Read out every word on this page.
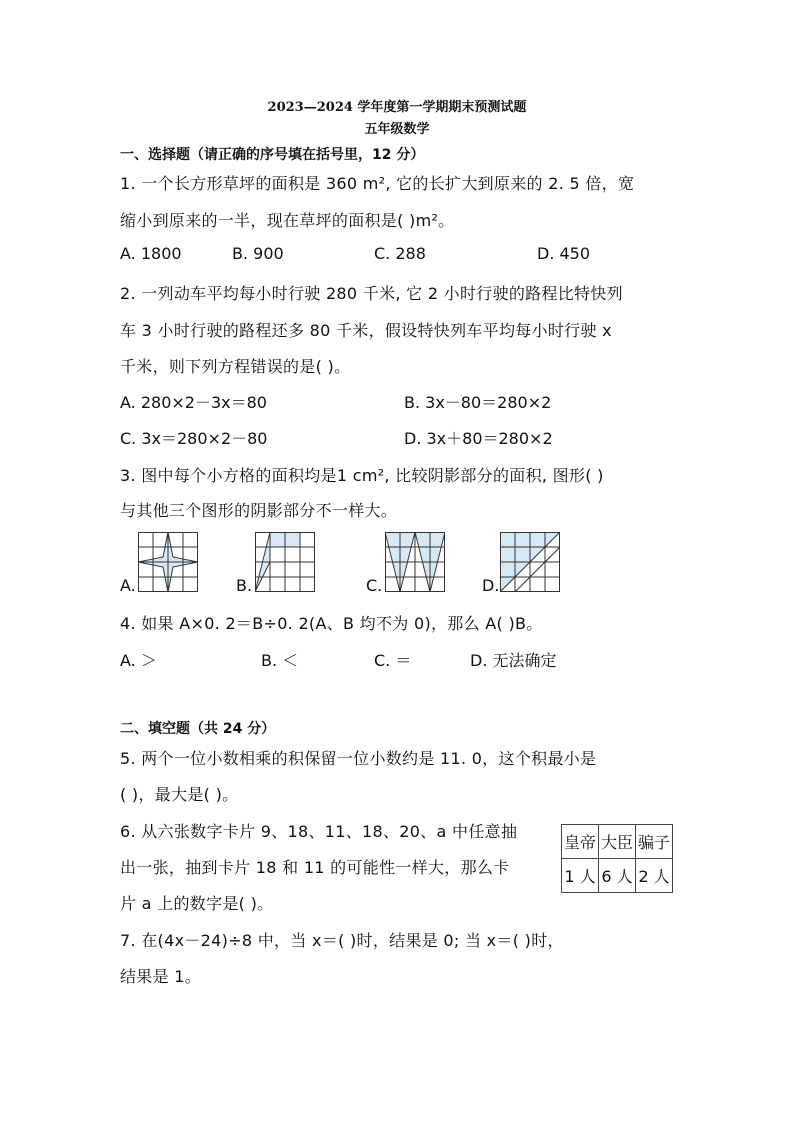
2023—2024 学年度第一学期期末预测试题
五年级数学
一、选择题（请正确的序号填在括号里，12 分）
1. 一个长方形草坪的面积是 360 m², 它的长扩大到原来的 2. 5 倍，宽
缩小到原来的一半，现在草坪的面积是( )m²。
A. 1800	B. 900	C. 288	D. 450
2. 一列动车平均每小时行驶 280 千米, 它 2 小时行驶的路程比特快列
车 3 小时行驶的路程还多 80 千米，假设特快列车平均每小时行驶 x
千米，则下列方程错误的是( )。
A. 280×2－3x＝80	B. 3x－80＝280×2
C. 3x＝280×2－80	D. 3x＋80＝280×2
3. 图中每个小方格的面积均是1 cm², 比较阴影部分的面积, 图形( )
与其他三个图形的阴影部分不一样大。
A.	B.	C.	D.
4. 如果 A×0. 2＝B÷0. 2(A、B 均不为 0)，那么 A( )B。
A. ＞	B. ＜	C. ＝	D. 无法确定
二、填空题（共 24 分）
5. 两个一位小数相乘的积保留一位小数约是 11. 0，这个积最小是
( )，最大是( )。
6. 从六张数字卡片 9、18、11、18、20、a 中任意抽
出一张，抽到卡片 18 和 11 的可能性一样大，那么卡
片 a 上的数字是( )。
皇帝	大臣	骗子
1 人	6 人	2 人
7. 在(4x－24)÷8 中，当 x＝( )时，结果是 0; 当 x＝( )时，
结果是 1。
